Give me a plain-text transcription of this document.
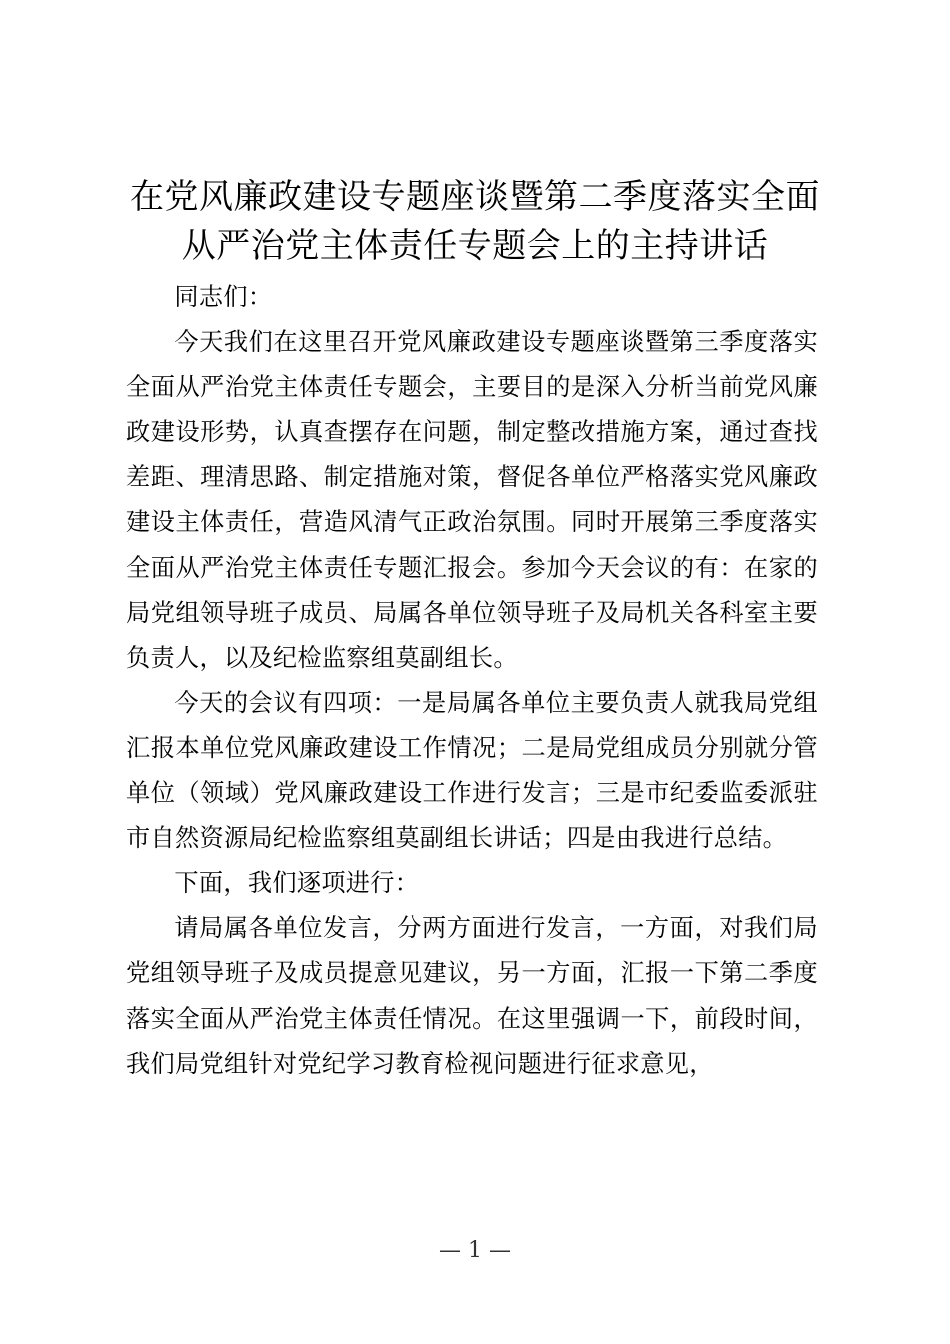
在党风廉政建设专题座谈暨第二季度落实全面
从严治党主体责任专题会上的主持讲话

同志们：

今天我们在这里召开党风廉政建设专题座谈暨第三季度落实全面从严治党主体责任专题会，主要目的是深入分析当前党风廉政建设形势，认真查摆存在问题，制定整改措施方案，通过查找差距、理清思路、制定措施对策，督促各单位严格落实党风廉政建设主体责任，营造风清气正政治氛围。同时开展第三季度落实全面从严治党主体责任专题汇报会。参加今天会议的有：在家的局党组领导班子成员、局属各单位领导班子及局机关各科室主要负责人，以及纪检监察组莫副组长。

今天的会议有四项：一是局属各单位主要负责人就我局党组汇报本单位党风廉政建设工作情况；二是局党组成员分别就分管单位（领域）党风廉政建设工作进行发言；三是市纪委监委派驻市自然资源局纪检监察组莫副组长讲话；四是由我进行总结。

下面，我们逐项进行：

请局属各单位发言，分两方面进行发言，一方面，对我们局党组领导班子及成员提意见建议，另一方面，汇报一下第二季度落实全面从严治党主体责任情况。在这里强调一下，前段时间，我们局党组针对党纪学习教育检视问题进行征求意见，

— 1 —
